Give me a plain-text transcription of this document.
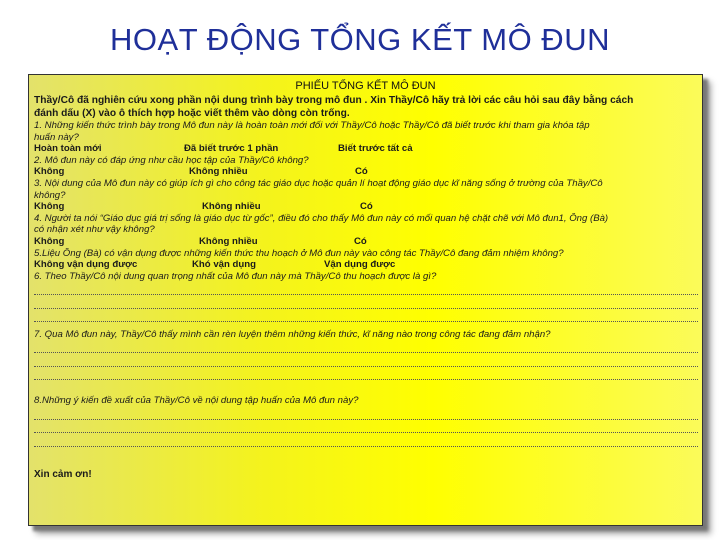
HOẠT ĐỘNG TỔNG KẾT MÔ ĐUN
PHIẾU TỔNG KẾT MÔ ĐUN
Thầy/Cô đã nghiên cứu xong phần nội dung trình bày trong mô đun . Xin Thầy/Cô hãy trả lời các câu hỏi sau đây bằng cách
đánh dấu (X) vào ô thích hợp hoặc viết thêm vào dòng còn trống.
1. Những kiến thức trình bày trong Mô đun này là hoàn toàn mới đối với Thầy/Cô hoặc Thầy/Cô đã biết trước khi tham gia khóa tập
huấn này?
Hoàn toàn mới	Đã biết trước 1 phần	Biết trước tất cả
2. Mô đun này có đáp ứng như cầu học tập của Thầy/Cô không?
Không	Không nhiều	Có
3. Nội dung của Mô đun này có giúp ích gì cho công tác giáo dục hoặc quản lí hoạt động giáo dục kĩ năng sống ở trường của Thầy/Cô
không?
Không	Không nhiều	Có
4. Người ta nói “Giáo dục giá trị sống là giáo dục từ gốc”, điều đó cho thấy Mô đun này có mối quan hệ chặt chẽ với Mô đun1, Ông (Bà)
có nhận xét như vậy không?
Không	Không nhiều	Có
5.Liệu Ông (Bà) có vận dụng được những kiến thức thu hoạch ở Mô đun này vào công tác Thầy/Cô đang đảm nhiệm không?
Không vận dụng được	Khó vận dụng	Vận dụng được
6. Theo Thầy/Cô nội dung quan trọng nhất của Mô đun này mà Thầy/Cô thu hoạch được là gì?
7. Qua Mô đun này, Thầy/Cô thấy mình cần rèn luyện thêm những kiến thức, kĩ năng nào trong công tác đang đảm nhận?
8.Những ý kiến đề xuất của Thầy/Cô về nội dung tập huấn của Mô đun này?
Xin cảm ơn!
